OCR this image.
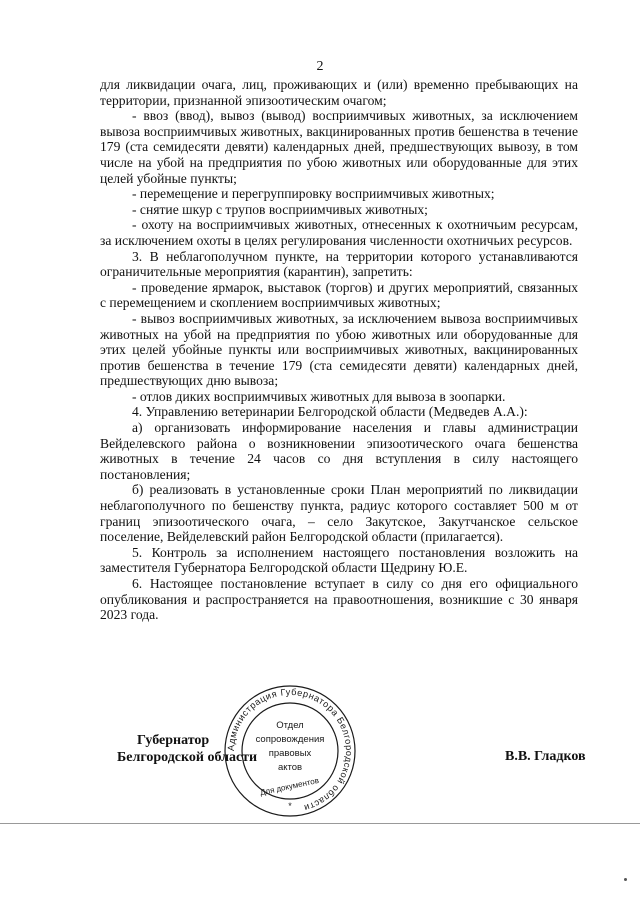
2

для ликвидации очага, лиц, проживающих и (или) временно пребывающих на территории, признанной эпизоотическим очагом;

- ввоз (ввод), вывоз (вывод) восприимчивых животных, за исключением вывоза восприимчивых животных, вакцинированных против бешенства в течение 179 (ста семидесяти девяти) календарных дней, предшествующих вывозу, в том числе на убой на предприятия по убою животных или оборудованные для этих целей убойные пункты;

- перемещение и перегруппировку восприимчивых животных;

- снятие шкур с трупов восприимчивых животных;

- охоту на восприимчивых животных, отнесенных к охотничьим ресурсам, за исключением охоты в целях регулирования численности охотничьих ресурсов.

3. В неблагополучном пункте, на территории которого устанавливаются ограничительные мероприятия (карантин), запретить:

- проведение ярмарок, выставок (торгов) и других мероприятий, связанных с перемещением и скоплением восприимчивых животных;

- вывоз восприимчивых животных, за исключением вывоза восприимчивых животных на убой на предприятия по убою животных или оборудованные для этих целей убойные пункты или восприимчивых животных, вакцинированных против бешенства в течение 179 (ста семидесяти девяти) календарных дней, предшествующих дню вывоза;

- отлов диких восприимчивых животных для вывоза в зоопарки.

4. Управлению ветеринарии Белгородской области (Медведев А.А.):

а) организовать информирование населения и главы администрации Вейделевского района о возникновении эпизоотического очага бешенства животных в течение 24 часов со дня вступления в силу настоящего постановления;

б) реализовать в установленные сроки План мероприятий по ликвидации неблагополучного по бешенству пункта, радиус которого составляет 500 м от границ эпизоотического очага, – село Закутское, Закутчанское сельское поселение, Вейделевский район Белгородской области (прилагается).

5. Контроль за исполнением настоящего постановления возложить на заместителя Губернатора Белгородской области Щедрину Ю.Е.

6. Настоящее постановление вступает в силу со дня его официального опубликования и распространяется на правоотношения, возникшие с 30 января 2023 года.

Губернатор
Белгородской области	В.В. Гладков
Администрация Губернатора Белгородской области
Отдел
сопровождения
правовых
актов
Для документов
*
